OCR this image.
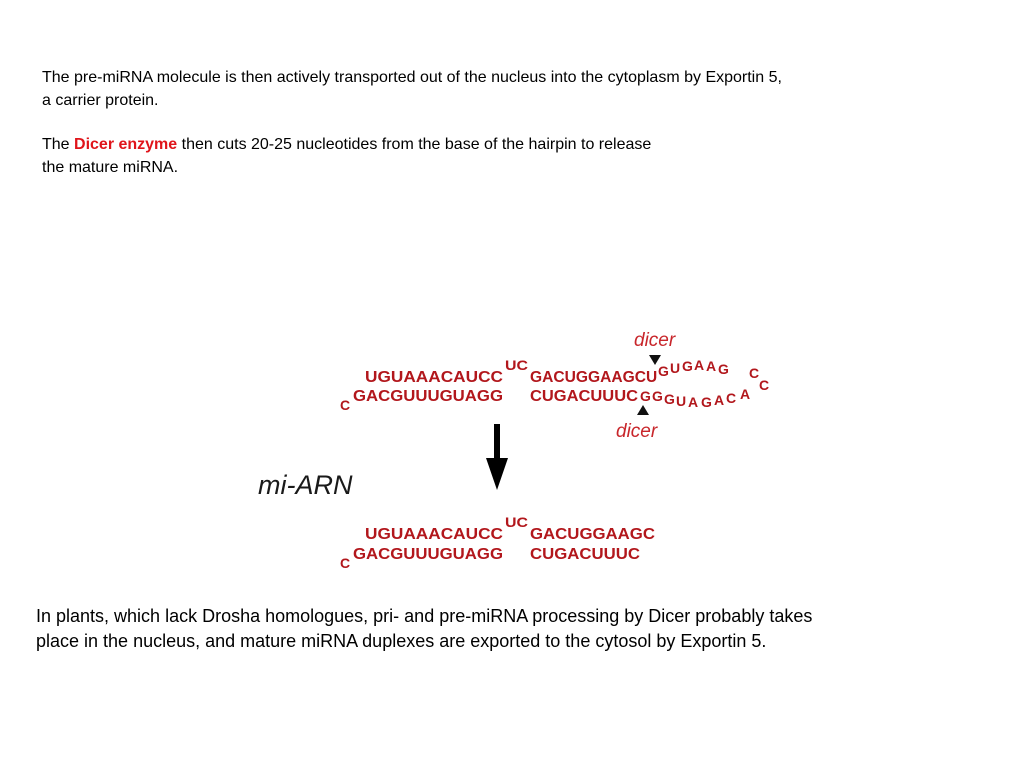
The pre-miRNA molecule is then actively transported out of the nucleus into the cytoplasm by Exportin 5,
a carrier protein.

The Dicer enzyme then cuts 20-25 nucleotides from the base of the hairpin to release
the mature miRNA.

dicer
dicer
UGUAAACAUCC
UC
GACUGGAAGC U G U G A A G C
C
C GACGUUUGUAGG CUGACUUUC G G G U A G A C A
mi-ARN
UGUAAACAUCC
UC
GACUGGAAGC
C GACGUUUGUAGG CUGACUUUC

In plants, which lack Drosha homologues, pri- and pre-miRNA processing by Dicer probably takes
place in the nucleus, and mature miRNA duplexes are exported to the cytosol by Exportin 5.
